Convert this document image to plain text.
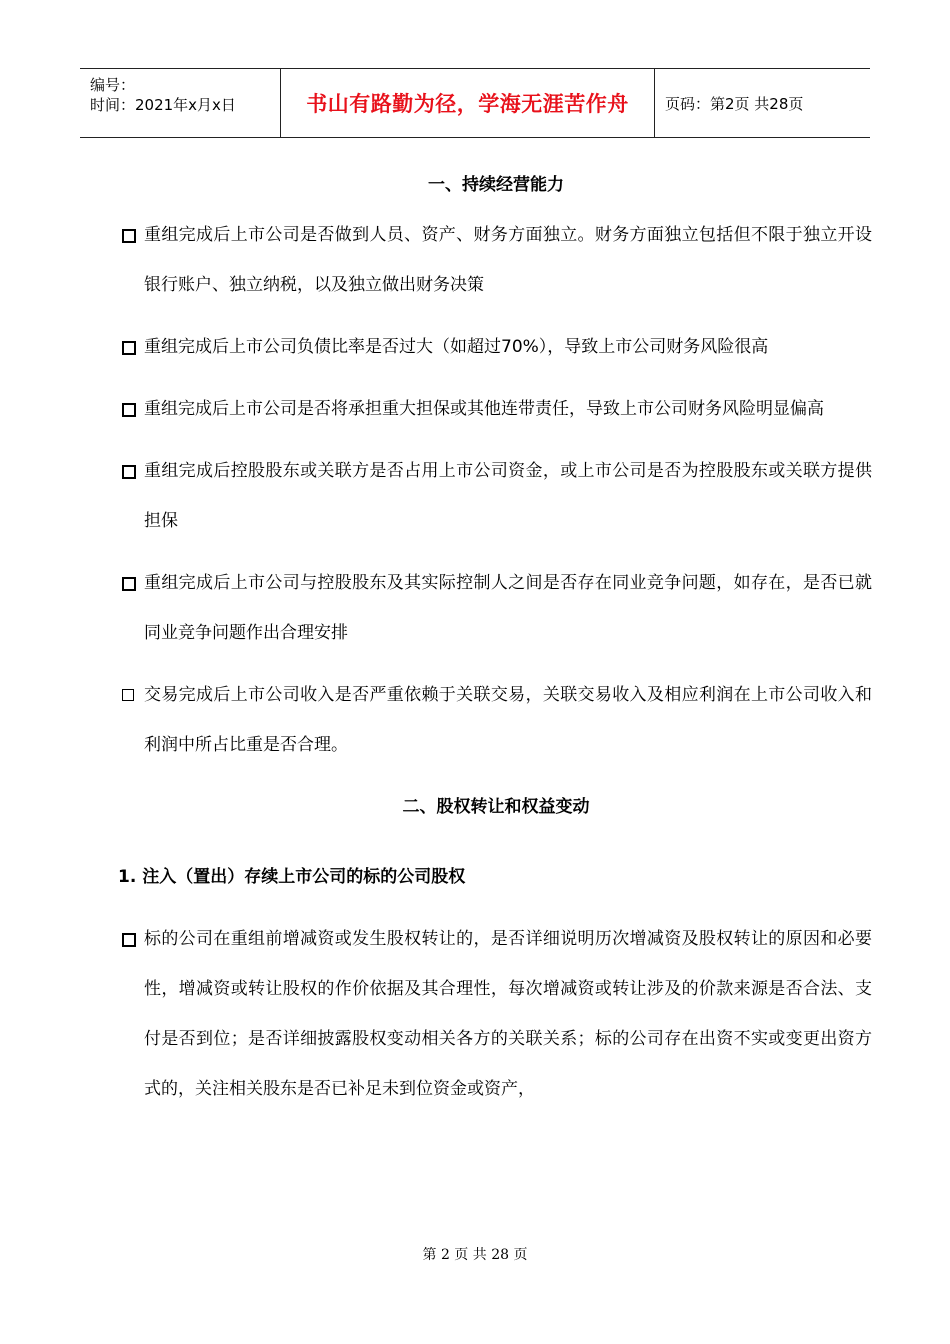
编号：
时间：2021年x月x日	书山有路勤为径，学海无涯苦作舟	页码：第2页 共28页
一、持续经营能力
重组完成后上市公司是否做到人员、资产、财务方面独立。财务方面独立包括但不限于独立开设银行账户、独立纳税，以及独立做出财务决策
重组完成后上市公司负债比率是否过大（如超过70%），导致上市公司财务风险很高
重组完成后上市公司是否将承担重大担保或其他连带责任，导致上市公司财务风险明显偏高
重组完成后控股股东或关联方是否占用上市公司资金，或上市公司是否为控股股东或关联方提供担保
重组完成后上市公司与控股股东及其实际控制人之间是否存在同业竞争问题，如存在，是否已就同业竞争问题作出合理安排
交易完成后上市公司收入是否严重依赖于关联交易，关联交易收入及相应利润在上市公司收入和利润中所占比重是否合理。
二、股权转让和权益变动
1. 注入（置出）存续上市公司的标的公司股权
标的公司在重组前增减资或发生股权转让的，是否详细说明历次增减资及股权转让的原因和必要性，增减资或转让股权的作价依据及其合理性，每次增减资或转让涉及的价款来源是否合法、支付是否到位；是否详细披露股权变动相关各方的关联关系；标的公司存在出资不实或变更出资方式的，关注相关股东是否已补足未到位资金或资产，
第 2 页 共 28 页
